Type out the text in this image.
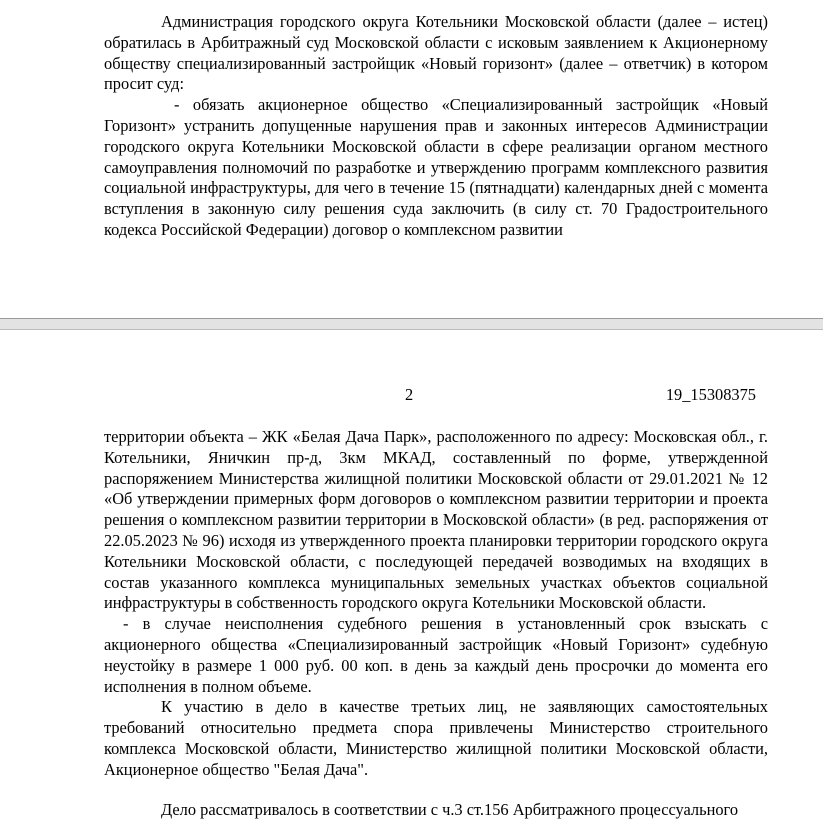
Администрация городского округа Котельники Московской области (далее – истец) обратилась в Арбитражный суд Московской области с исковым заявлением к Акционерному обществу специализированный застройщик «Новый горизонт» (далее – ответчик) в котором просит суд:

- обязать акционерное общество «Специализированный застройщик «Новый Горизонт» устранить допущенные нарушения прав и законных интересов Администрации городского округа Котельники Московской области в сфере реализации органом местного самоуправления полномочий по разработке и утверждению программ комплексного развития социальной инфраструктуры, для чего в течение 15 (пятнадцати) календарных дней с момента вступления в законную силу решения суда заключить (в силу ст. 70 Градостроительного кодекса Российской Федерации) договор о комплексном развитии

2	19_15308375

территории объекта – ЖК «Белая Дача Парк», расположенного по адресу: Московская обл., г. Котельники, Яничкин пр-д, 3км МКАД, составленный по форме, утвержденной распоряжением Министерства жилищной политики Московской области от 29.01.2021 № 12 «Об утверждении примерных форм договоров о комплексном развитии территории и проекта решения о комплексном развитии территории в Московской области» (в ред. распоряжения от 22.05.2023 № 96) исходя из утвержденного проекта планировки территории городского округа Котельники Московской области, с последующей передачей возводимых на входящих в состав указанного комплекса муниципальных земельных участках объектов социальной инфраструктуры в собственность городского округа Котельники Московской области.

- в случае неисполнения судебного решения в установленный срок взыскать с акционерного общества «Специализированный застройщик «Новый Горизонт» судебную неустойку в размере 1 000 руб. 00 коп. в день за каждый день просрочки до момента его исполнения в полном объеме.

К участию в дело в качестве третьих лиц, не заявляющих самостоятельных требований относительно предмета спора привлечены Министерство строительного комплекса Московской области, Министерство жилищной политики Московской области, Акционерное общество "Белая Дача".

Дело рассматривалось в соответствии с ч.3 ст.156 Арбитражного процессуального
